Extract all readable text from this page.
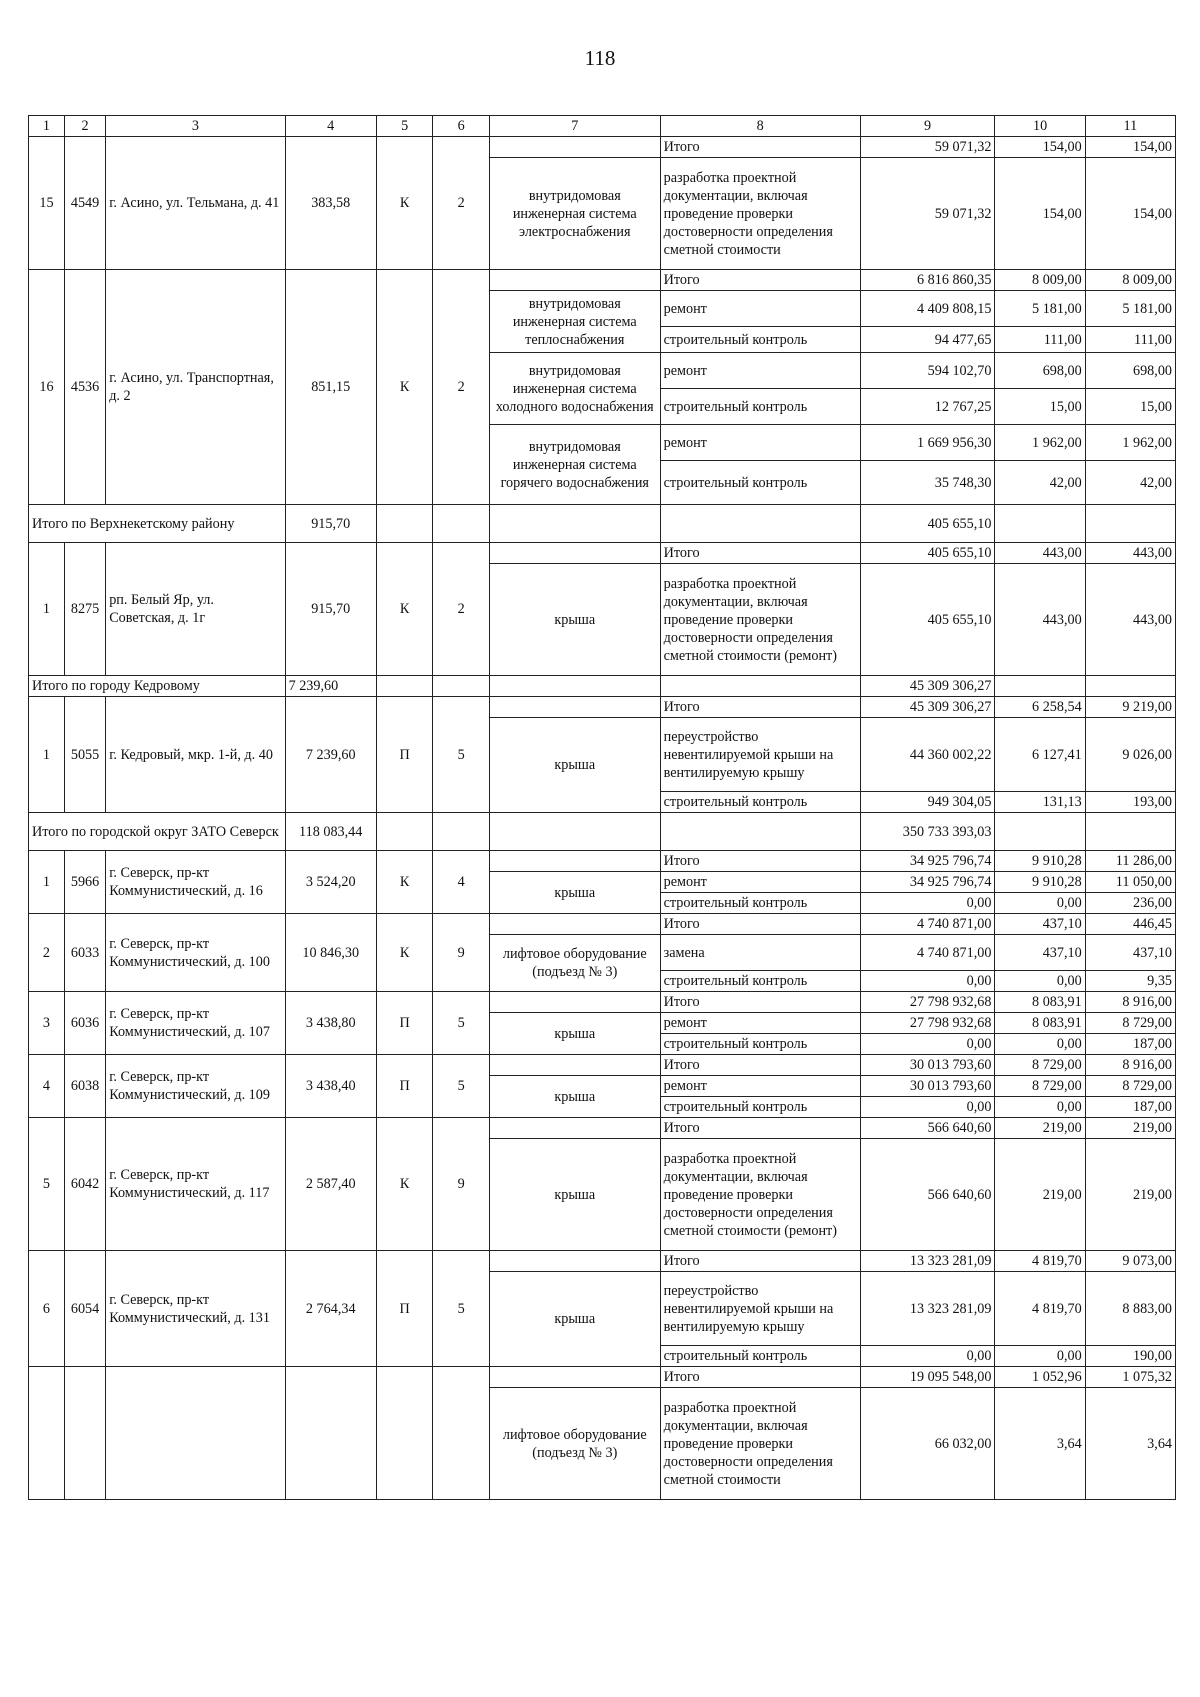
118
1	2	3	4	5	6	7	8	9	10	11
15	4549	г. Асино, ул. Тельмана, д. 41	383,58	К	2		Итого	59 071,32	154,00	154,00
						внутридомовая инженерная система электроснабжения	разработка проектной документации, включая проведение проверки достоверности определения сметной стоимости	59 071,32	154,00	154,00
16	4536	г. Асино, ул. Транспортная, д. 2	851,15	К	2		Итого	6 816 860,35	8 009,00	8 009,00
						внутридомовая инженерная система теплоснабжения	ремонт	4 409 808,15	5 181,00	5 181,00
							строительный контроль	94 477,65	111,00	111,00
						внутридомовая инженерная система холодного водоснабжения	ремонт	594 102,70	698,00	698,00
							строительный контроль	12 767,25	15,00	15,00
						внутридомовая инженерная система горячего водоснабжения	ремонт	1 669 956,30	1 962,00	1 962,00
							строительный контроль	35 748,30	42,00	42,00
Итого по Верхнекетскому району			915,70					405 655,10		
1	8275	рп. Белый Яр, ул. Советская, д. 1г	915,70	К	2		Итого	405 655,10	443,00	443,00
						крыша	разработка проектной документации, включая проведение проверки достоверности определения сметной стоимости (ремонт)	405 655,10	443,00	443,00
Итого по городу Кедровому			7 239,60					45 309 306,27		
1	5055	г. Кедровый, мкр. 1-й, д. 40	7 239,60	П	5		Итого	45 309 306,27	6 258,54	9 219,00
						крыша	переустройство невентилируемой крыши на вентилируемую крышу	44 360 002,22	6 127,41	9 026,00
							строительный контроль	949 304,05	131,13	193,00
Итого по городской округ ЗАТО Северск			118 083,44					350 733 393,03		
1	5966	г. Северск, пр-кт Коммунистический, д. 16	3 524,20	К	4		Итого	34 925 796,74	9 910,28	11 286,00
						крыша	ремонт	34 925 796,74	9 910,28	11 050,00
							строительный контроль	0,00	0,00	236,00
2	6033	г. Северск, пр-кт Коммунистический, д. 100	10 846,30	К	9		Итого	4 740 871,00	437,10	446,45
						лифтовое оборудование (подъезд № 3)	замена	4 740 871,00	437,10	437,10
							строительный контроль	0,00	0,00	9,35
3	6036	г. Северск, пр-кт Коммунистический, д. 107	3 438,80	П	5		Итого	27 798 932,68	8 083,91	8 916,00
						крыша	ремонт	27 798 932,68	8 083,91	8 729,00
							строительный контроль	0,00	0,00	187,00
4	6038	г. Северск, пр-кт Коммунистический, д. 109	3 438,40	П	5		Итого	30 013 793,60	8 729,00	8 916,00
						крыша	ремонт	30 013 793,60	8 729,00	8 729,00
							строительный контроль	0,00	0,00	187,00
5	6042	г. Северск, пр-кт Коммунистический, д. 117	2 587,40	К	9		Итого	566 640,60	219,00	219,00
						крыша	разработка проектной документации, включая проведение проверки достоверности определения сметной стоимости (ремонт)	566 640,60	219,00	219,00
6	6054	г. Северск, пр-кт Коммунистический, д. 131	2 764,34	П	5		Итого	13 323 281,09	4 819,70	9 073,00
						крыша	переустройство невентилируемой крыши на вентилируемую крышу	13 323 281,09	4 819,70	8 883,00
							строительный контроль	0,00	0,00	190,00
							Итого	19 095 548,00	1 052,96	1 075,32
						лифтовое оборудование (подъезд № 3)	разработка проектной документации, включая проведение проверки достоверности определения сметной стоимости	66 032,00	3,64	3,64
